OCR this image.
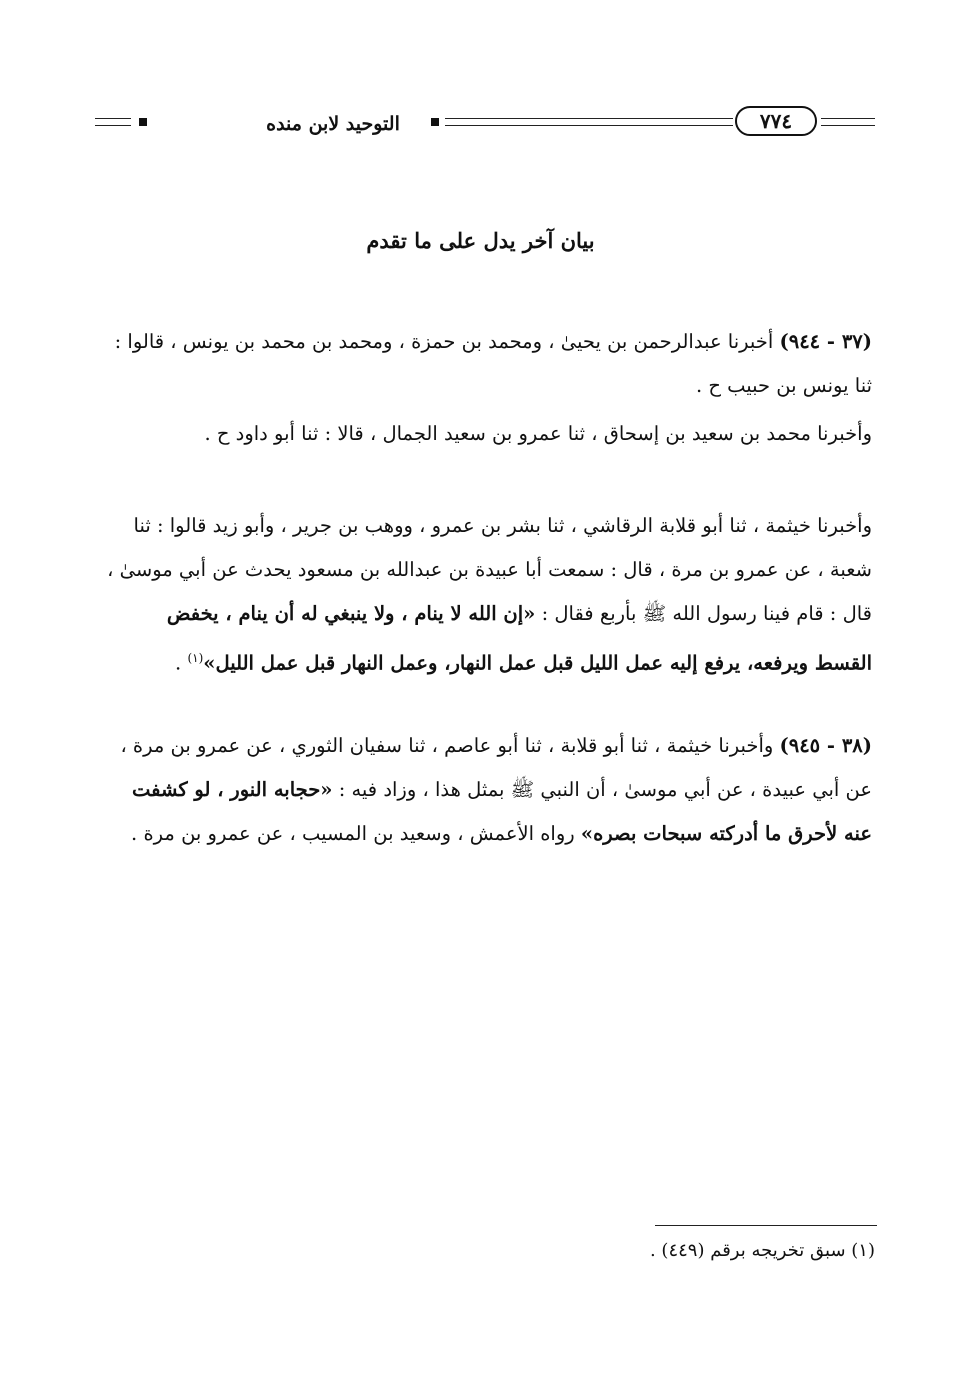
التوحيد لابن منده	٧٧٤
بيان آخر يدل على ما تقدم
(٣٧ - ٩٤٤) أخبرنا عبدالرحمن بن يحيىٰ ، ومحمد بن حمزة ، ومحمد بن محمد بن يونس ، قالوا : ثنا يونس بن حبيب ح .
وأخبرنا محمد بن سعيد بن إسحاق ، ثنا عمرو بن سعيد الجمال ، قالا : ثنا أبو داود ح .
وأخبرنا خيثمة ، ثنا أبو قلابة الرقاشي ، ثنا بشر بن عمرو ، ووهب بن جرير ، وأبو زيد قالوا : ثنا شعبة ، عن عمرو بن مرة ، قال : سمعت أبا عبيدة بن عبدالله بن مسعود يحدث عن أبي موسىٰ ، قال : قام فينا رسول الله ﷺ بأربع فقال : «إن الله لا ينام ، ولا ينبغي له أن ينام ، يخفض القسط ويرفعه، يرفع إليه عمل الليل قبل عمل النهار، وعمل النهار قبل عمل الليل»$^{(١)}$ .
(٣٨ - ٩٤٥) وأخبرنا خيثمة ، ثنا أبو قلابة ، ثنا أبو عاصم ، ثنا سفيان الثوري ، عن عمرو بن مرة ، عن أبي عبيدة ، عن أبي موسىٰ ، أن النبي ﷺ بمثل هذا ، وزاد فيه : «حجابه النور ، لو كشفت عنه لأحرق ما أدركته سبحات بصره» رواه الأعمش ، وسعيد بن المسيب ، عن عمرو بن مرة .
(١) سبق تخريجه برقم (٤٤٩) .
